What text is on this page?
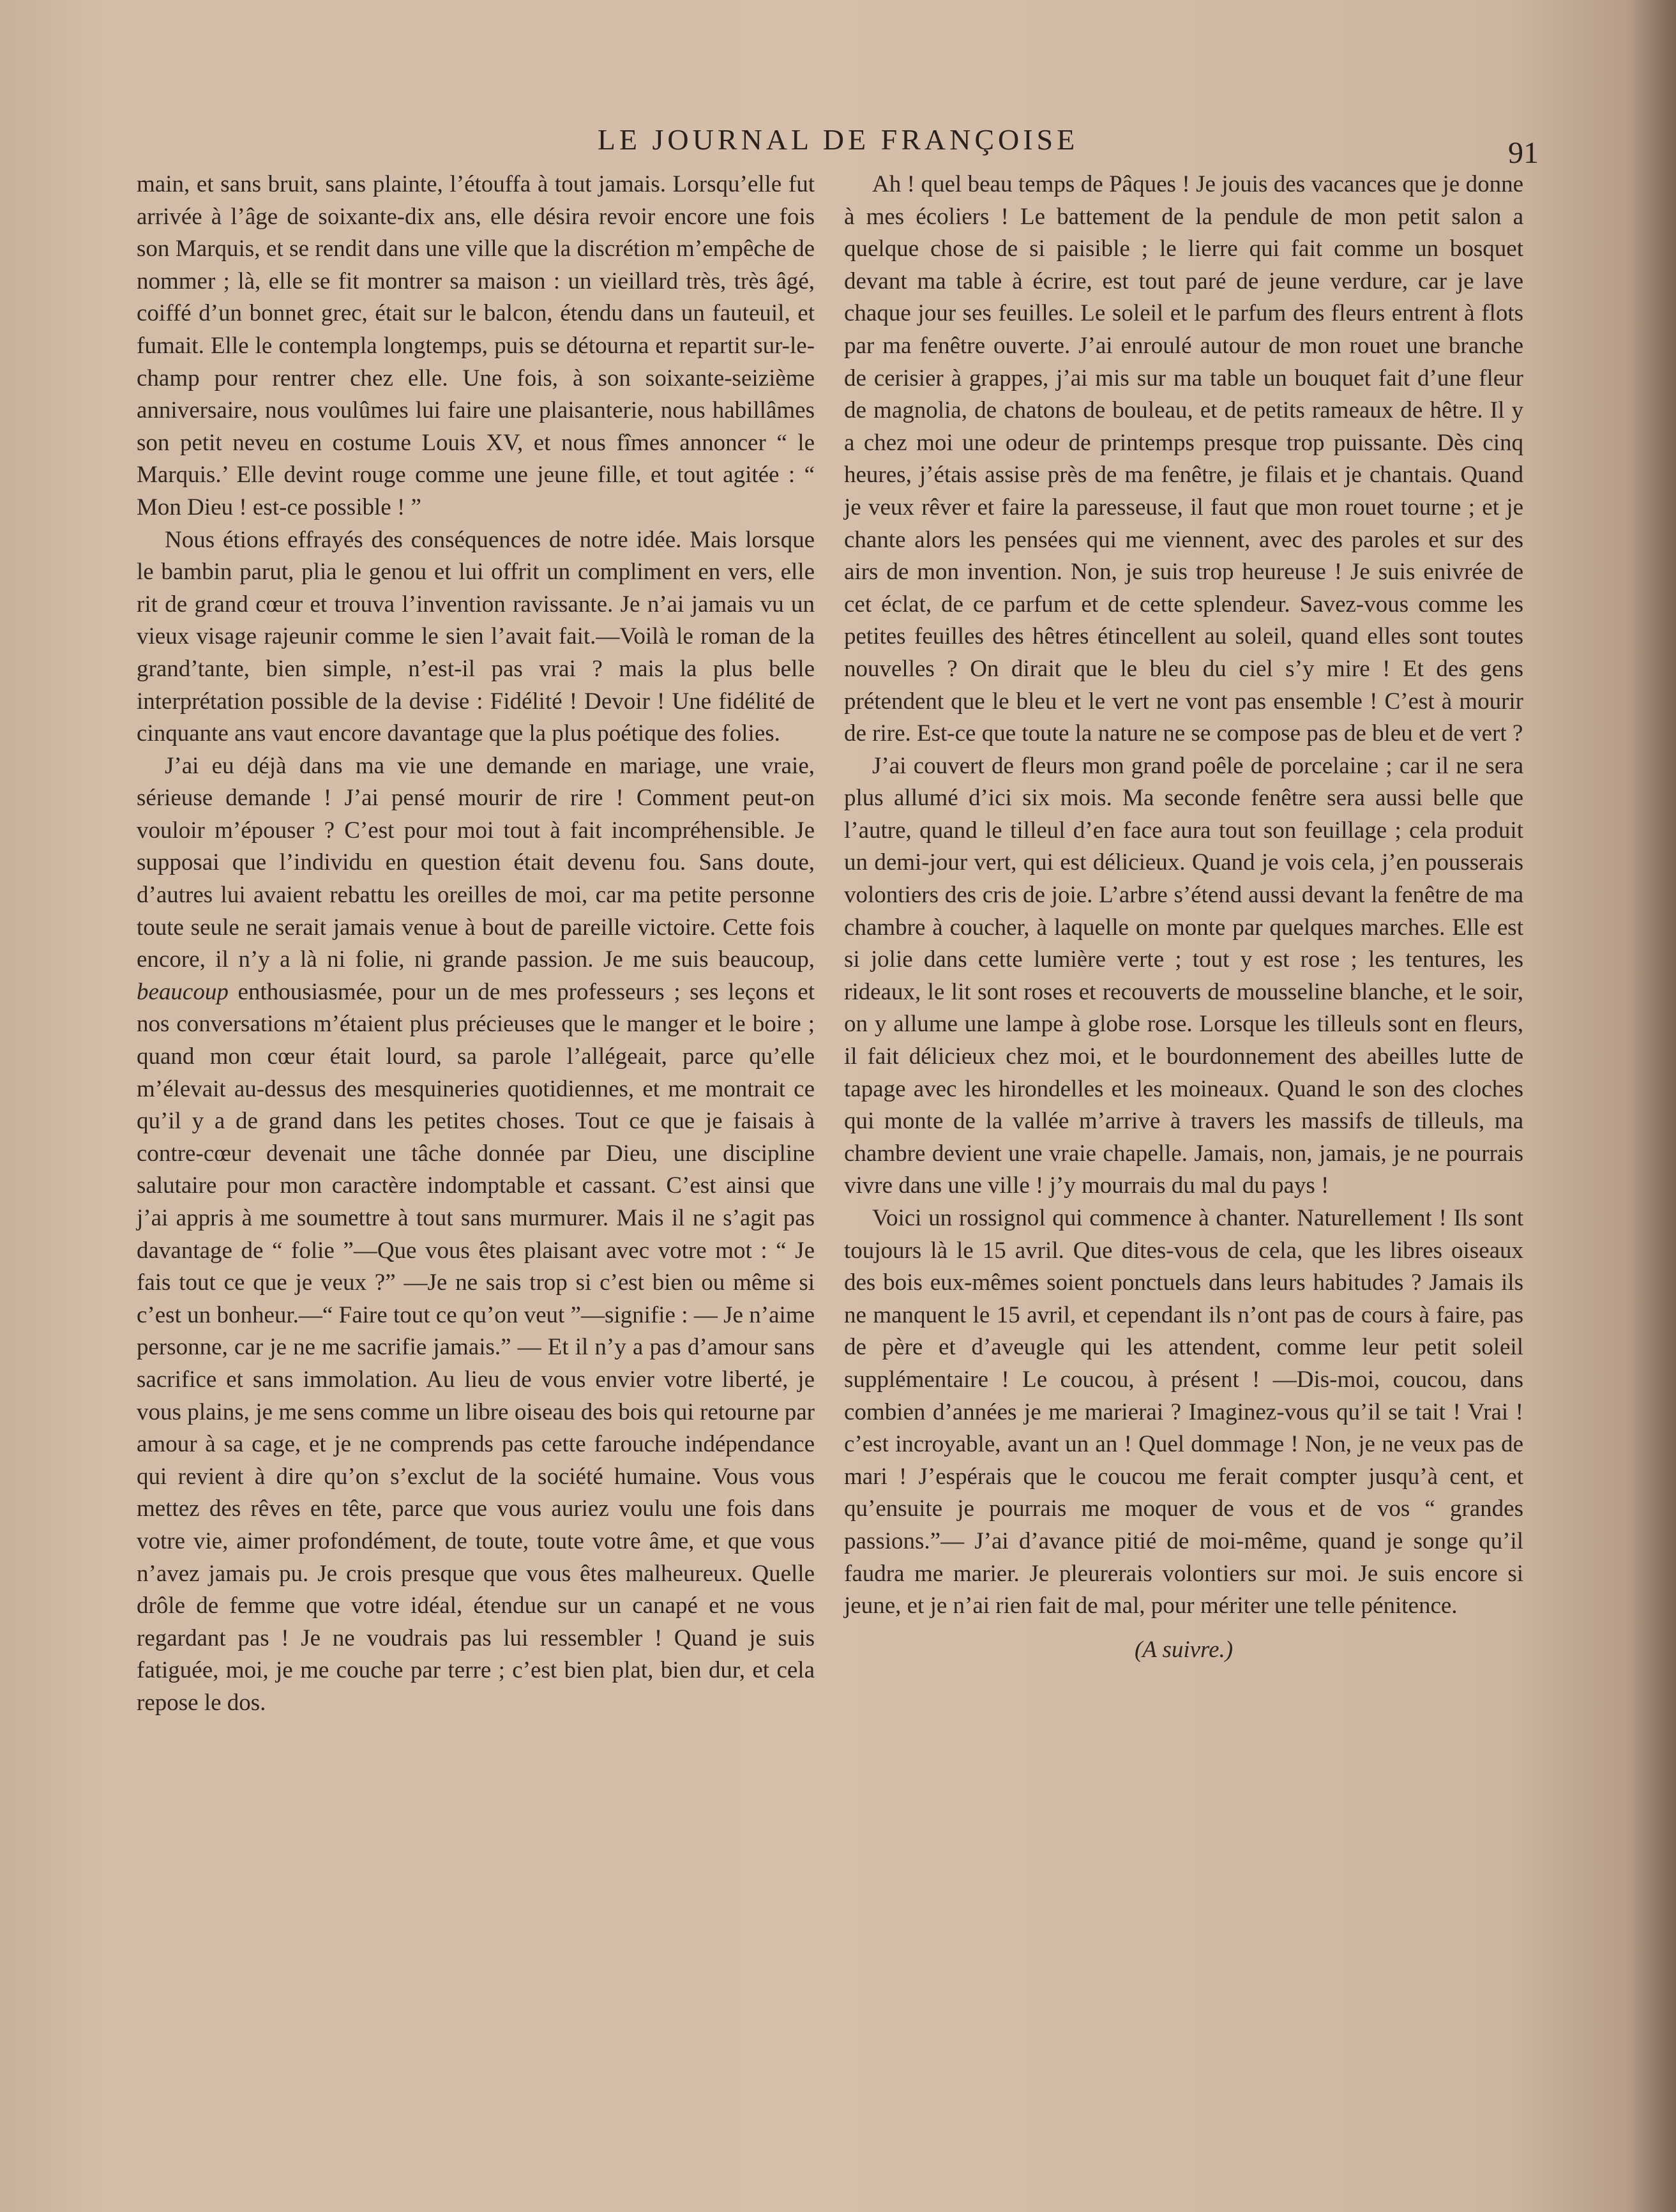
LE JOURNAL DE FRANÇOISE	91

main, et sans bruit, sans plainte, l’étouffa à tout jamais. Lorsqu’elle fut arrivée à l’âge de soixante-dix ans, elle désira revoir encore une fois son Marquis, et se rendit dans une ville que la discrétion m’empêche de nommer ; là, elle se fit montrer sa maison : un vieillard très, très âgé, coiffé d’un bonnet grec, était sur le balcon, étendu dans un fauteuil, et fumait. Elle le contempla longtemps, puis se détourna et repartit sur-le-champ pour rentrer chez elle. Une fois, à son soixante-seizième anniversaire, nous voulûmes lui faire une plaisanterie, nous habillâmes son petit neveu en costume Louis XV, et nous fîmes annoncer “ le Marquis.’ Elle devint rouge comme une jeune fille, et tout agitée : “ Mon Dieu ! est-ce possible ! ”

Nous étions effrayés des conséquences de notre idée. Mais lorsque le bambin parut, plia le genou et lui offrit un compliment en vers, elle rit de grand cœur et trouva l’invention ravissante. Je n’ai jamais vu un vieux visage rajeunir comme le sien l’avait fait.—Voilà le roman de la grand’tante, bien simple, n’est-il pas vrai ? mais la plus belle interprétation possible de la devise : Fidélité ! Devoir ! Une fidélité de cinquante ans vaut encore davantage que la plus poétique des folies.

J’ai eu déjà dans ma vie une demande en mariage, une vraie, sérieuse demande ! J’ai pensé mourir de rire ! Comment peut-on vouloir m’épouser ? C’est pour moi tout à fait incompréhensible. Je supposai que l’individu en question était devenu fou. Sans doute, d’autres lui avaient rebattu les oreilles de moi, car ma petite personne toute seule ne serait jamais venue à bout de pareille victoire. Cette fois encore, il n’y a là ni folie, ni grande passion. Je me suis beaucoup, beaucoup enthousiasmée, pour un de mes professeurs ; ses leçons et nos conversations m’étaient plus précieuses que le manger et le boire ; quand mon cœur était lourd, sa parole l’allégeait, parce qu’elle m’élevait au-dessus des mesquineries quotidiennes, et me montrait ce qu’il y a de grand dans les petites choses. Tout ce que je faisais à contre-cœur devenait une tâche donnée par Dieu, une discipline salutaire pour mon caractère indomptable et cassant. C’est ainsi que j’ai appris à me soumettre à tout sans murmurer. Mais il ne s’agit pas davantage de “ folie ”—Que vous êtes plaisant avec votre mot : “ Je fais tout ce que je veux ?” —Je ne sais trop si c’est bien ou même si c’est un bonheur.—“ Faire tout ce qu’on veut ”—signifie : — Je n’aime personne, car je ne me sacrifie jamais.” — Et il n’y a pas d’amour sans sacrifice et sans immolation. Au lieu de vous envier votre liberté, je vous plains, je me sens comme un libre oiseau des bois qui retourne par amour à sa cage, et je ne comprends pas cette farouche indépendance qui revient à dire qu’on s’exclut de la société humaine. Vous vous mettez des rêves en tête, parce que vous auriez voulu une fois dans votre vie, aimer profondément, de toute, toute votre âme, et que vous n’avez jamais pu. Je crois presque que vous êtes malheureux. Quelle drôle de femme que votre idéal, étendue sur un canapé et ne vous regardant pas ! Je ne voudrais pas lui ressembler ! Quand je suis fatiguée, moi, je me couche par terre ; c’est bien plat, bien dur, et cela repose le dos.

Ah ! quel beau temps de Pâques ! Je jouis des vacances que je donne à mes écoliers ! Le battement de la pendule de mon petit salon a quelque chose de si paisible ; le lierre qui fait comme un bosquet devant ma table à écrire, est tout paré de jeune verdure, car je lave chaque jour ses feuilles. Le soleil et le parfum des fleurs entrent à flots par ma fenêtre ouverte. J’ai enroulé autour de mon rouet une branche de cerisier à grappes, j’ai mis sur ma table un bouquet fait d’une fleur de magnolia, de chatons de bouleau, et de petits rameaux de hêtre. Il y a chez moi une odeur de printemps presque trop puissante. Dès cinq heures, j’étais assise près de ma fenêtre, je filais et je chantais. Quand je veux rêver et faire la paresseuse, il faut que mon rouet tourne ; et je chante alors les pensées qui me viennent, avec des paroles et sur des airs de mon invention. Non, je suis trop heureuse ! Je suis enivrée de cet éclat, de ce parfum et de cette splendeur. Savez-vous comme les petites feuilles des hêtres étincellent au soleil, quand elles sont toutes nouvelles ? On dirait que le bleu du ciel s’y mire ! Et des gens prétendent que le bleu et le vert ne vont pas ensemble ! C’est à mourir de rire. Est-ce que toute la nature ne se compose pas de bleu et de vert ?

J’ai couvert de fleurs mon grand poêle de porcelaine ; car il ne sera plus allumé d’ici six mois. Ma seconde fenêtre sera aussi belle que l’autre, quand le tilleul d’en face aura tout son feuillage ; cela produit un demi-jour vert, qui est délicieux. Quand je vois cela, j’en pousserais volontiers des cris de joie. L’arbre s’étend aussi devant la fenêtre de ma chambre à coucher, à laquelle on monte par quelques marches. Elle est si jolie dans cette lumière verte ; tout y est rose ; les tentures, les rideaux, le lit sont roses et recouverts de mousseline blanche, et le soir, on y allume une lampe à globe rose. Lorsque les tilleuls sont en fleurs, il fait délicieux chez moi, et le bourdonnement des abeilles lutte de tapage avec les hirondelles et les moineaux. Quand le son des cloches qui monte de la vallée m’arrive à travers les massifs de tilleuls, ma chambre devient une vraie chapelle. Jamais, non, jamais, je ne pourrais vivre dans une ville ! j’y mourrais du mal du pays !

Voici un rossignol qui commence à chanter. Naturellement ! Ils sont toujours là le 15 avril. Que dites-vous de cela, que les libres oiseaux des bois eux-mêmes soient ponctuels dans leurs habitudes ? Jamais ils ne manquent le 15 avril, et cependant ils n’ont pas de cours à faire, pas de père et d’aveugle qui les attendent, comme leur petit soleil supplémentaire ! Le coucou, à présent ! —Dis-moi, coucou, dans combien d’années je me marierai ? Imaginez-vous qu’il se tait ! Vrai ! c’est incroyable, avant un an ! Quel dommage ! Non, je ne veux pas de mari ! J’espérais que le coucou me ferait compter jusqu’à cent, et qu’ensuite je pourrais me moquer de vous et de vos “ grandes passions.”— J’ai d’avance pitié de moi-même, quand je songe qu’il faudra me marier. Je pleurerais volontiers sur moi. Je suis encore si jeune, et je n’ai rien fait de mal, pour mériter une telle pénitence.

(A suivre.)
